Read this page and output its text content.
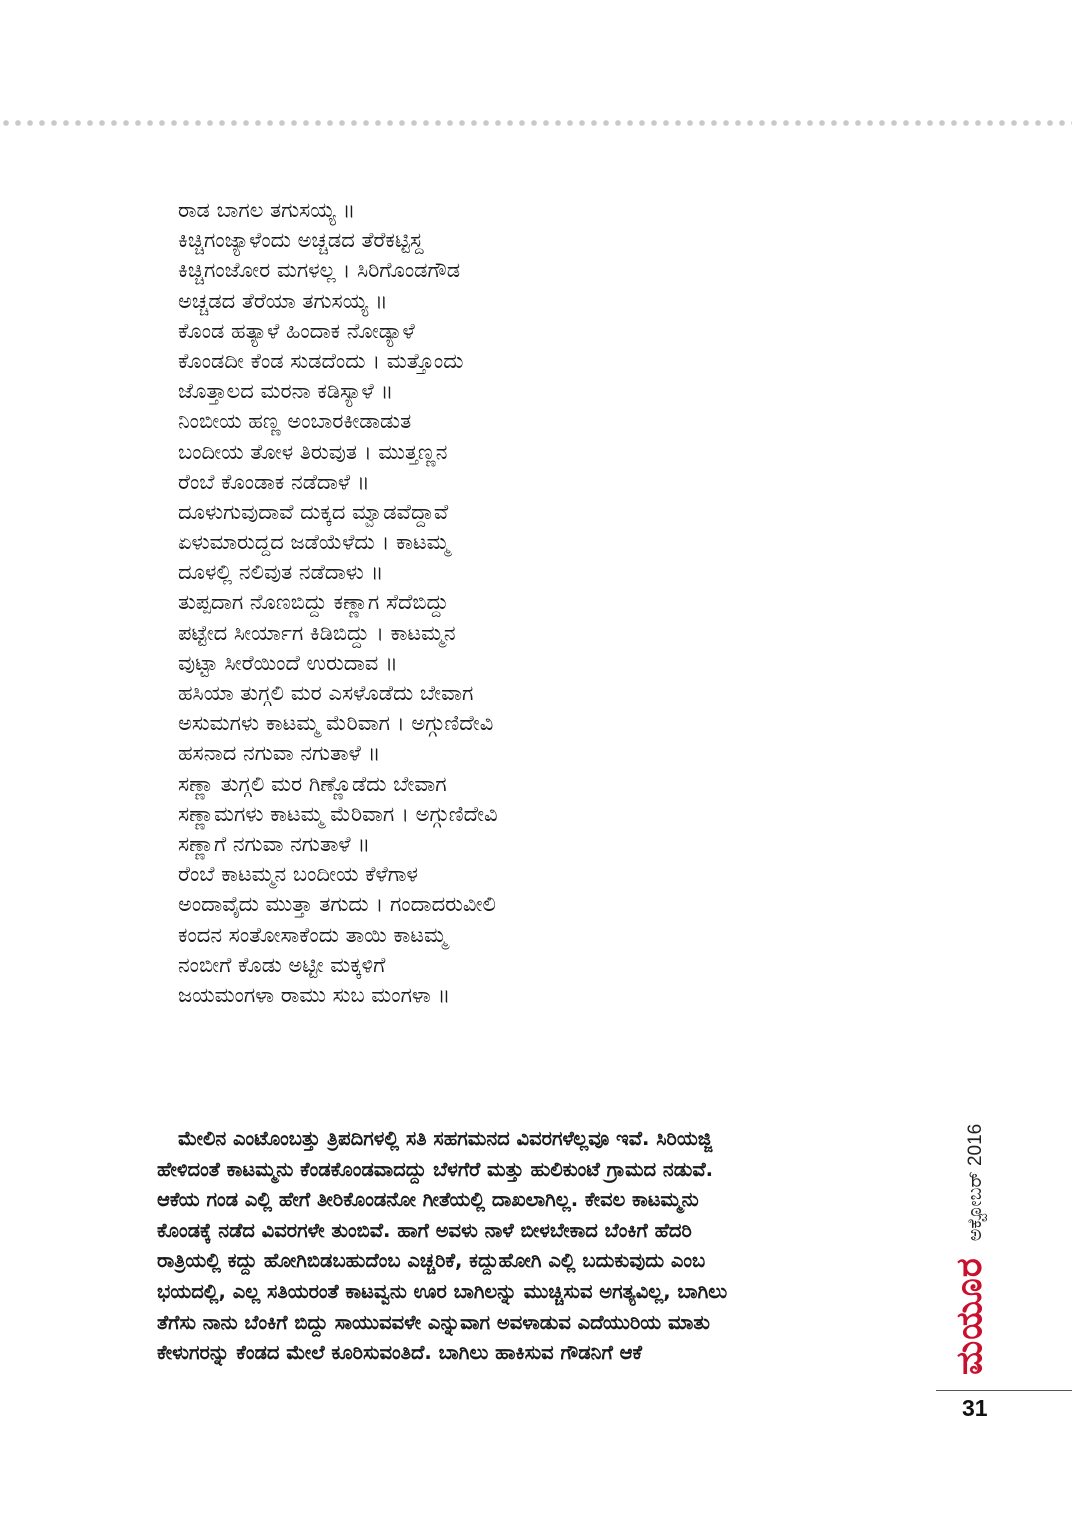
ರಾಡ ಬಾಗಲ ತಗುಸಯ್ಯ ॥
ಕಿಚ್ಚಿಗಂಜ್ಯಾಳೆಂದು ಅಚ್ಚಡದ ತೆರೆಕಟ್ಟಿಸ್ದ
ಕಿಚ್ಚಿಗಂಜೋರ ಮಗಳಲ್ಲ । ಸಿರಿಗೊಂಡಗೌಡ
ಅಚ್ಚಡದ ತೆರೆಯಾ ತಗುಸಯ್ಯ ॥
ಕೊಂಡ ಹತ್ಯಾಳೆ ಹಿಂದಾಕ ನೋಡ್ಯಾಳೆ
ಕೊಂಡದೀ ಕೆಂಡ ಸುಡದೆಂದು । ಮತ್ತೊಂದು
ಜೊತ್ತಾಲದ ಮರನಾ ಕಡಿಸ್ಯಾಳೆ ॥
ನಿಂಬೀಯ ಹಣ್ಣ ಅಂಬಾರಕೀಡಾಡುತ
ಬಂದೀಯ ತೋಳ ತಿರುವುತ । ಮುತ್ತಣ್ಣನ
ರೆಂಬೆ ಕೊಂಡಾಕ ನಡೆದಾಳೆ ॥
ದೂಳುಗುವುದಾವೆ ದುಕ್ಕದ ಮ್ವಾಡವೆದ್ದಾವೆ
ಏಳುಮಾರುದ್ದದ ಜಡೆಯೆಳೆದು । ಕಾಟಮ್ಮ
ದೂಳಲ್ಲಿ ನಲಿವುತ ನಡೆದಾಳು ॥
ತುಪ್ಪದಾಗ ನೊಣಬಿದ್ದು ಕಣ್ಣಾಗ ಸೆದೆಬಿದ್ದು
ಪಟ್ಟೇದ ಸೀರ್ಯಾಗ ಕಿಡಿಬಿದ್ದು । ಕಾಟಮ್ಮನ
ವುಟ್ಟಾ ಸೀರೆಯಿಂದೆ ಉರುದಾವ ॥
ಹಸಿಯಾ ತುಗ್ಗಲಿ ಮರ ಎಸಳೊಡೆದು ಬೇವಾಗ
ಅಸುಮಗಳು ಕಾಟಮ್ಮ ಮೆರಿವಾಗ । ಅಗ್ಗುಣಿದೇವಿ
ಹಸನಾದ ನಗುವಾ ನಗುತಾಳೆ ॥
ಸಣ್ಣಾ ತುಗ್ಗಲಿ ಮರ ಗಿಣ್ಣೊಡೆದು ಬೇವಾಗ
ಸಣ್ಣಾಮಗಳು ಕಾಟಮ್ಮ ಮೆರಿವಾಗ । ಅಗ್ಗುಣಿದೇವಿ
ಸಣ್ಣಾಗೆ ನಗುವಾ ನಗುತಾಳೆ ॥
ರೆಂಬೆ ಕಾಟಮ್ಮನ ಬಂದೀಯ ಕೆಳೆಗಾಳ
ಅಂದಾವೈದು ಮುತ್ತಾ ತಗುದು । ಗಂದಾದರುವೀಲಿ
ಕಂದನ ಸಂತೋಸಾಕೆಂದು ತಾಯಿ ಕಾಟಮ್ಮ
ನಂಬೀಗೆ ಕೊಡು ಅಟ್ಟೀ ಮಕ್ಕಳಿಗೆ
ಜಯಮಂಗಳಾ ರಾಮು ಸುಬ ಮಂಗಳಾ ॥
ಮೇಲಿನ ಎಂಟೊಂಬತ್ತು ತ್ರಿಪದಿಗಳಲ್ಲಿ ಸತಿ ಸಹಗಮನದ ವಿವರಗಳೆಲ್ಲವೂ ಇವೆ. ಸಿರಿಯಜ್ಜಿ
ಹೇಳಿದಂತೆ ಕಾಟಮ್ಮನು ಕೆಂಡಕೊಂಡವಾದದ್ದು ಬೆಳಗೆರೆ ಮತ್ತು ಹುಲಿಕುಂಟೆ ಗ್ರಾಮದ ನಡುವೆ.
ಆಕೆಯ ಗಂಡ ಎಲ್ಲಿ ಹೇಗೆ ತೀರಿಕೊಂಡನೋ ಗೀತೆಯಲ್ಲಿ ದಾಖಲಾಗಿಲ್ಲ. ಕೇವಲ ಕಾಟಮ್ಮನು
ಕೊಂಡಕ್ಕೆ ನಡೆದ ವಿವರಗಳೇ ತುಂಬಿವೆ. ಹಾಗೆ ಅವಳು ನಾಳೆ ಬೀಳಬೇಕಾದ ಬೆಂಕಿಗೆ ಹೆದರಿ
ರಾತ್ರಿಯಲ್ಲಿ ಕದ್ದು ಹೋಗಿಬಿಡಬಹುದೆಂಬ ಎಚ್ಚರಿಕೆ, ಕದ್ದುಹೋಗಿ ಎಲ್ಲಿ ಬದುಕುವುದು ಎಂಬ
ಭಯದಲ್ಲಿ, ಎಲ್ಲ ಸತಿಯರಂತೆ ಕಾಟವ್ವನು ಊರ ಬಾಗಿಲನ್ನು ಮುಚ್ಚಿಸುವ ಅಗತ್ಯವಿಲ್ಲ, ಬಾಗಿಲು
ತೆಗೆಸು ನಾನು ಬೆಂಕಿಗೆ ಬಿದ್ದು ಸಾಯುವವಳೇ ಎನ್ನುವಾಗ ಅವಳಾಡುವ ಎದೆಯುರಿಯ ಮಾತು
ಕೇಳುಗರನ್ನು ಕೆಂಡದ ಮೇಲೆ ಕೂರಿಸುವಂತಿದೆ. ಬಾಗಿಲು ಹಾಕಿಸುವ ಗೌಡನಿಗೆ ಆಕೆ	ಮಯೂರ
ಅಕ್ಟೋಬರ್ 2016
31
